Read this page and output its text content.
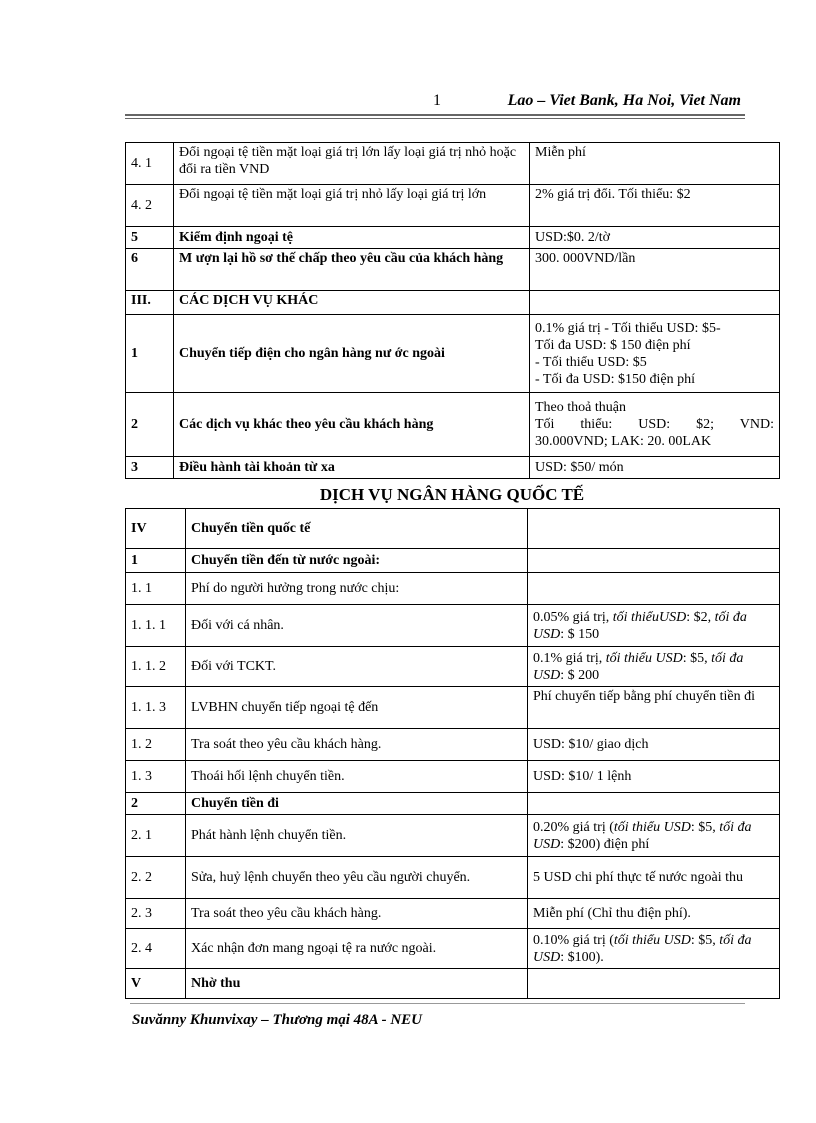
1	Lao – Viet Bank, Ha Noi, Viet Nam
4. 1	Đổi ngoại tệ tiền mặt loại giá trị lớn lấy loại giá trị nhỏ hoặc đổi ra tiền VND	Miễn phí
4. 2	Đổi ngoại tệ tiền mặt loại giá trị nhỏ lấy loại giá trị lớn	2% giá trị đổi. Tối thiểu: $2
5	Kiểm định ngoại tệ	USD:$0. 2/tờ
6	M ượn lại hồ sơ thế chấp theo yêu cầu của khách hàng	300. 000VND/lần
III.	CÁC DỊCH VỤ KHÁC	
1	Chuyển tiếp điện cho ngân hàng nư ớc ngoài	0.1% giá trị - Tối thiểu USD: $5-
Tối đa USD: $ 150 điện phí
- Tối thiểu USD: $5
- Tối đa USD: $150 điện phí

2	Các dịch vụ khác theo yêu cầu khách hàng	Theo thoả thuận
Tối thiểu: USD: $2; VND:
30.000VND; LAK: 20. 00LAK

3	Điều hành tài khoản từ xa	USD: $50/ món
DỊCH VỤ NGÂN HÀNG QUỐC TẾ
IV	Chuyển tiền quốc tế	
1	Chuyển tiền đến từ nước ngoài:	
1. 1	Phí do người hưởng trong nước chịu:	
1. 1. 1	Đối với cá nhân.	0.05% giá trị, tối thiểuUSD: $2, tối đa USD: $ 150
1. 1. 2	Đối với TCKT.	0.1% giá trị, tối thiểu USD: $5, tối đa USD: $ 200
1. 1. 3	LVBHN chuyển tiếp ngoại tệ đến	Phí chuyển tiếp bằng phí chuyển tiền đi
1. 2	Tra soát theo yêu cầu khách hàng.	USD: $10/ giao dịch
1. 3	Thoái hối lệnh chuyển tiền.	USD: $10/ 1 lệnh
2	Chuyển tiền đi	
2. 1	Phát hành lệnh chuyển tiền.	0.20% giá trị (tối thiểu USD: $5, tối đa USD: $200) điện phí
2. 2	Sửa, huỷ lệnh chuyển theo yêu cầu người chuyển.	5 USD chi phí thực tế nước ngoài thu
2. 3	Tra soát theo yêu cầu khách hàng.	Miễn phí (Chỉ thu điện phí).
2. 4	Xác nhận đơn mang ngoại tệ ra nước ngoài.	0.10% giá trị (tối thiểu USD: $5, tối đa USD: $100).
V	Nhờ thu	
Suvănny Khunvixay – Thương mại 48A - NEU
